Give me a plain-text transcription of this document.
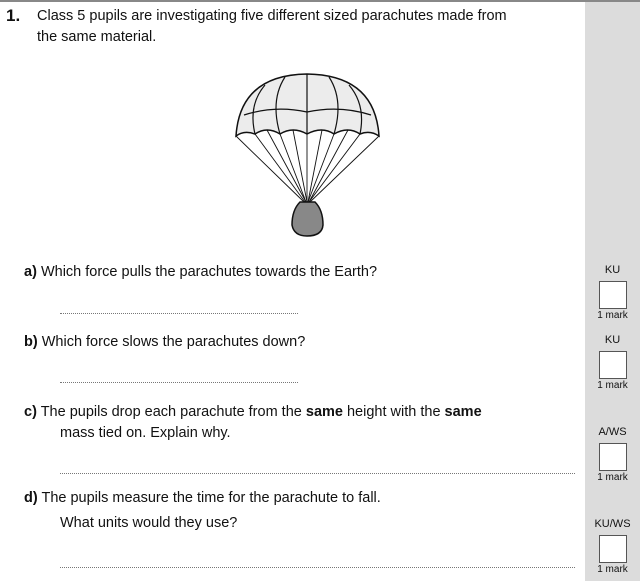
1. Class 5 pupils are investigating five different sized parachutes made from
the same material.
a) Which force pulls the parachutes towards the Earth?	KU
1 mark
b) Which force slows the parachutes down?	KU
1 mark
c) The pupils drop each parachute from the same height with the same
mass tied on. Explain why.	A/WS
1 mark
d) The pupils measure the time for the parachute to fall.
What units would they use?	KU/WS
1 mark
